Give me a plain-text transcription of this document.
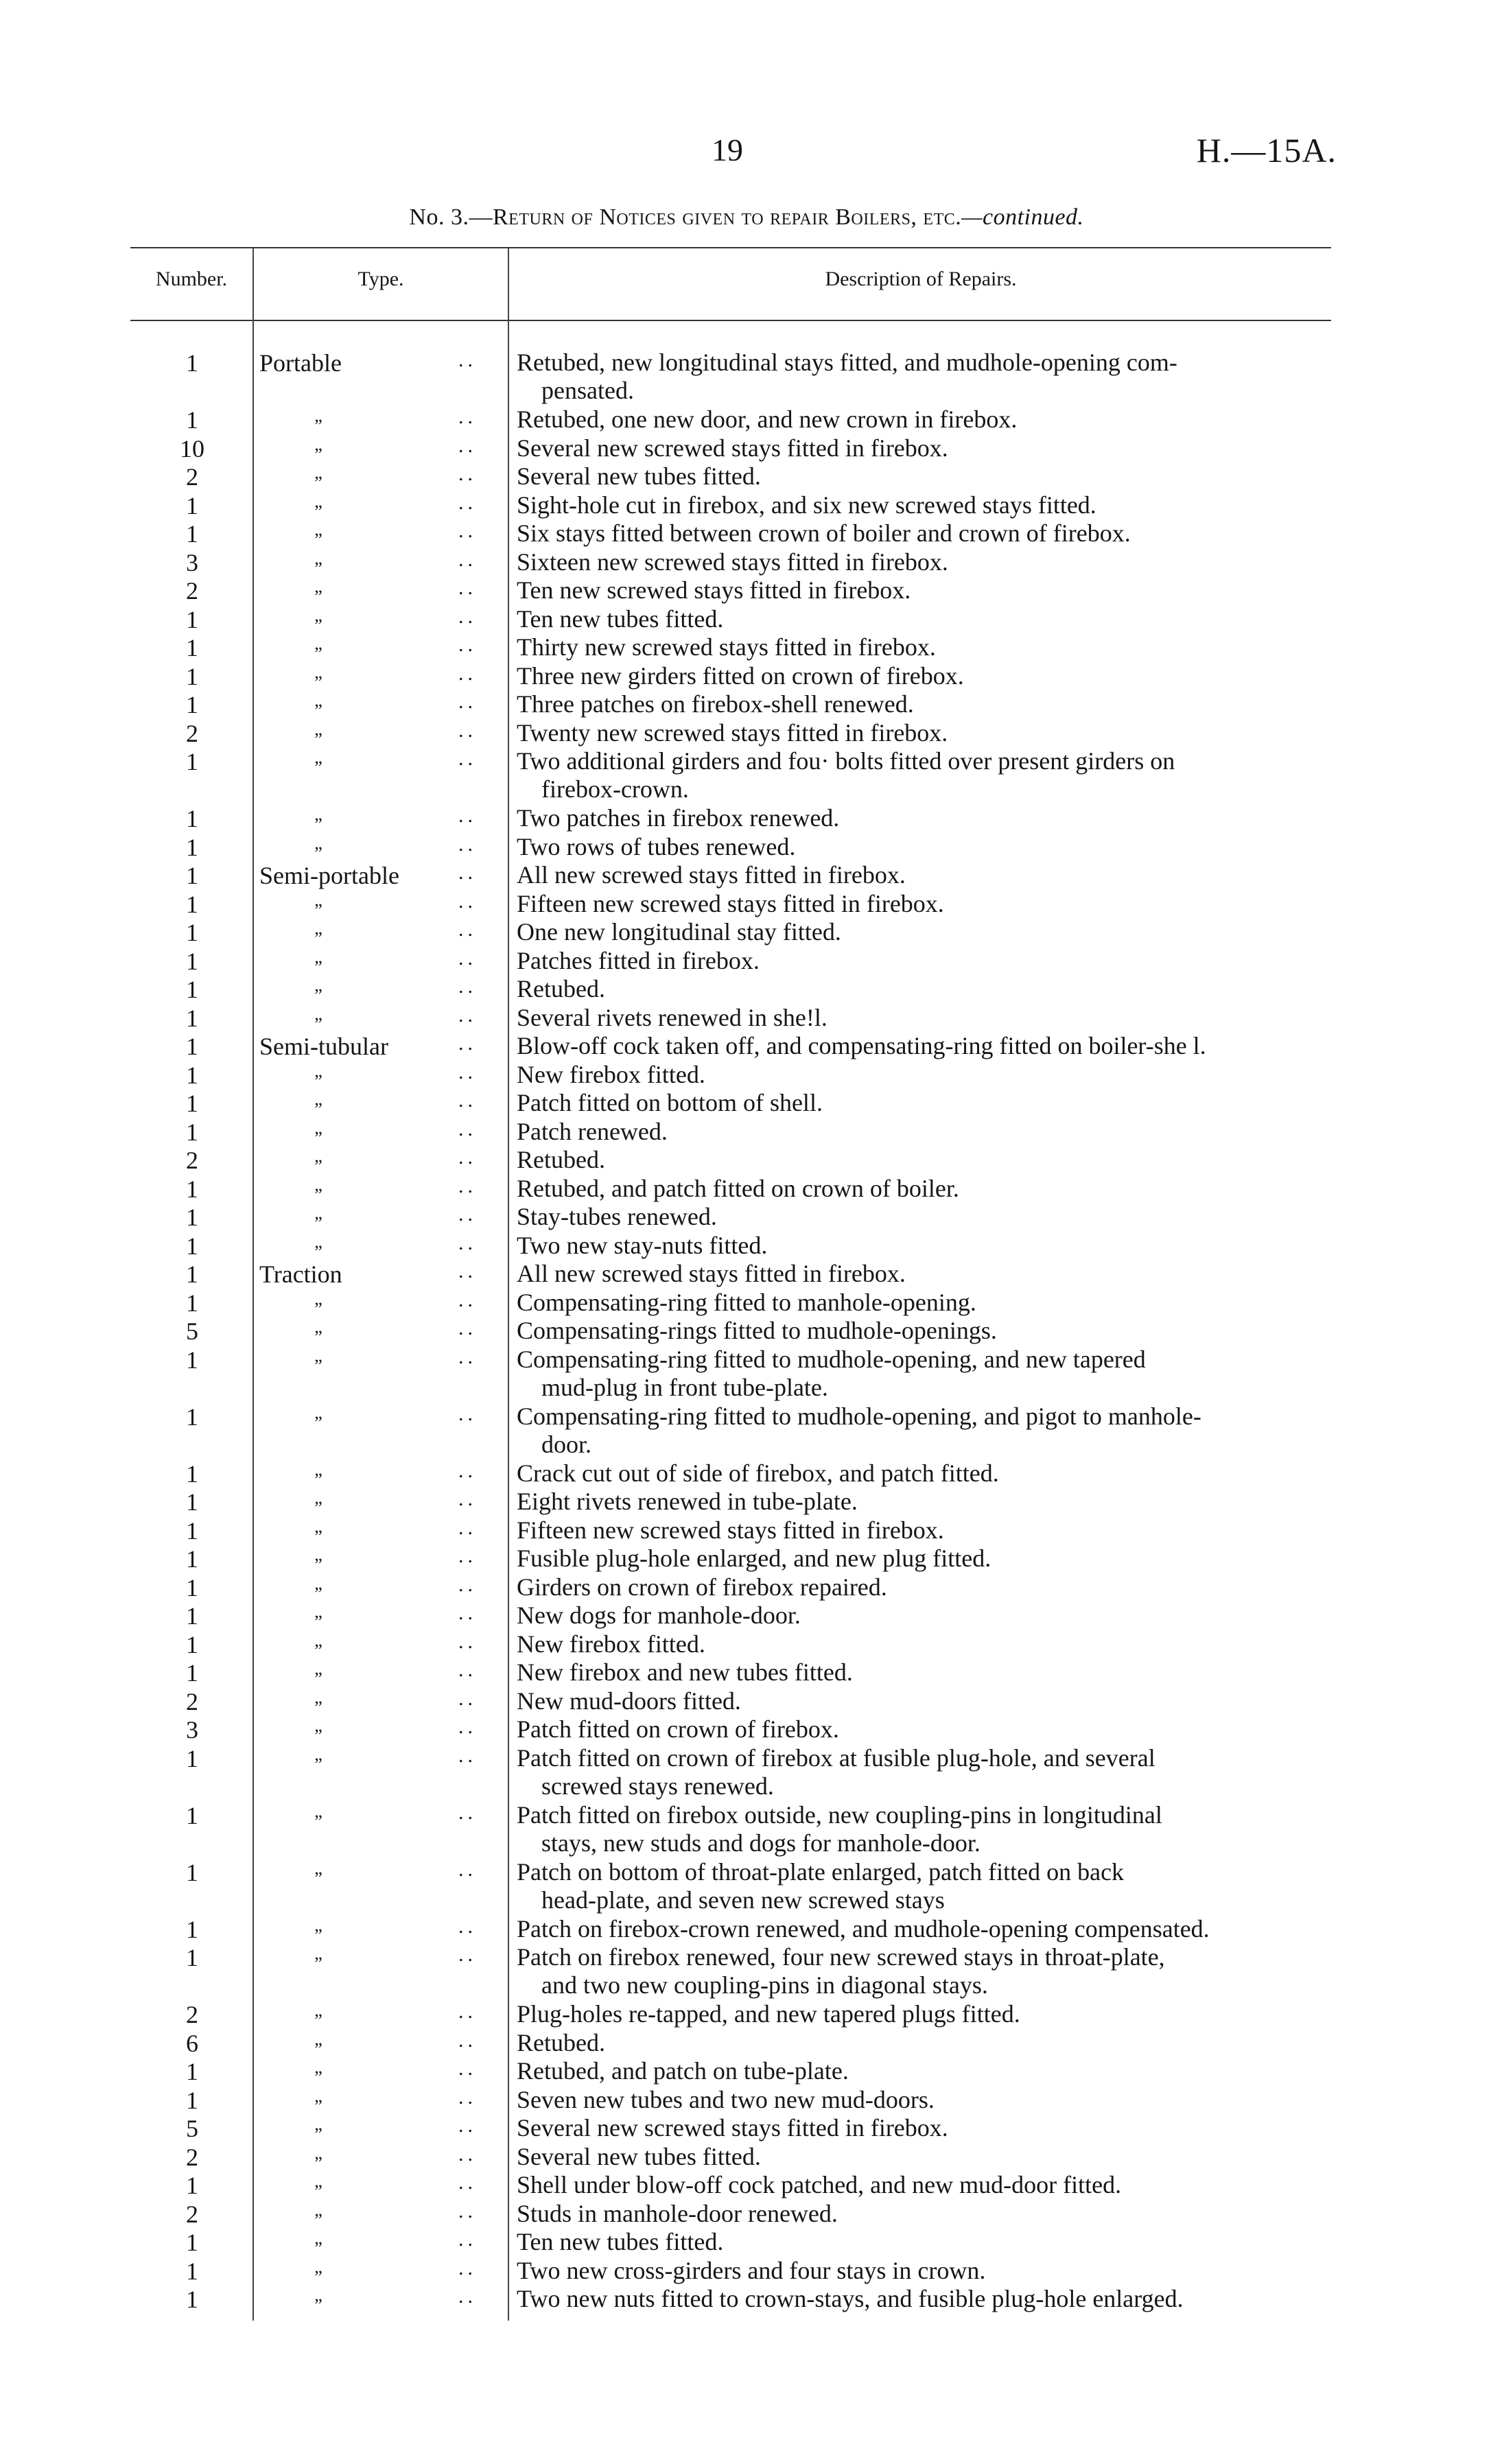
19	H.—15A.
No. 3.—Return of Notices given to repair Boilers, etc.—continued.
Number.	Type.	Description of Repairs.
1	Portable	..	Retubed, new longitudinal stays fitted, and mudhole-opening com-
pensated.
1	„	..	Retubed, one new door, and new crown in firebox.
10	„	..	Several new screwed stays fitted in firebox.
2	„	..	Several new tubes fitted.
1	„	..	Sight-hole cut in firebox, and six new screwed stays fitted.
1	„	..	Six stays fitted between crown of boiler and crown of firebox.
3	„	..	Sixteen new screwed stays fitted in firebox.
2	„	..	Ten new screwed stays fitted in firebox.
1	„	..	Ten new tubes fitted.
1	„	..	Thirty new screwed stays fitted in firebox.
1	„	..	Three new girders fitted on crown of firebox.
1	„	..	Three patches on firebox-shell renewed.
2	„	..	Twenty new screwed stays fitted in firebox.
1	„	..	Two additional girders and fou· bolts fitted over present girders on
firebox-crown.
1	„	..	Two patches in firebox renewed.
1	„	..	Two rows of tubes renewed.
1	Semi-portable	..	All new screwed stays fitted in firebox.
1	„	..	Fifteen new screwed stays fitted in firebox.
1	„	..	One new longitudinal stay fitted.
1	„	..	Patches fitted in firebox.
1	„	..	Retubed.
1	„	..	Several rivets renewed in she!l.
1	Semi-tubular	..	Blow-off cock taken off, and compensating-ring fitted on boiler-she l.
1	„	..	New firebox fitted.
1	„	..	Patch fitted on bottom of shell.
1	„	..	Patch renewed.
2	„	..	Retubed.
1	„	..	Retubed, and patch fitted on crown of boiler.
1	„	..	Stay-tubes renewed.
1	„	..	Two new stay-nuts fitted.
1	Traction	..	All new screwed stays fitted in firebox.
1	„	..	Compensating-ring fitted to manhole-opening.
5	„	..	Compensating-rings fitted to mudhole-openings.
1	„	..	Compensating-ring fitted to mudhole-opening, and new tapered
mud-plug in front tube-plate.
1	„	..	Compensating-ring fitted to mudhole-opening, and pigot to manhole-
door.
1	„	..	Crack cut out of side of firebox, and patch fitted.
1	„	..	Eight rivets renewed in tube-plate.
1	„	..	Fifteen new screwed stays fitted in firebox.
1	„	..	Fusible plug-hole enlarged, and new plug fitted.
1	„	..	Girders on crown of firebox repaired.
1	„	..	New dogs for manhole-door.
1	„	..	New firebox fitted.
1	„	..	New firebox and new tubes fitted.
2	„	..	New mud-doors fitted.
3	„	..	Patch fitted on crown of firebox.
1	„	..	Patch fitted on crown of firebox at fusible plug-hole, and several
screwed stays renewed.
1	„	..	Patch fitted on firebox outside, new coupling-pins in longitudinal
stays, new studs and dogs for manhole-door.
1	„	..	Patch on bottom of throat-plate enlarged, patch fitted on back
head-plate, and seven new screwed stays
1	„	..	Patch on firebox-crown renewed, and mudhole-opening compensated.
1	„	..	Patch on firebox renewed, four new screwed stays in throat-plate,
and two new coupling-pins in diagonal stays.
2	„	..	Plug-holes re-tapped, and new tapered plugs fitted.
6	„	..	Retubed.
1	„	..	Retubed, and patch on tube-plate.
1	„	..	Seven new tubes and two new mud-doors.
5	„	..	Several new screwed stays fitted in firebox.
2	„	..	Several new tubes fitted.
1	„	..	Shell under blow-off cock patched, and new mud-door fitted.
2	„	..	Studs in manhole-door renewed.
1	„	..	Ten new tubes fitted.
1	„	..	Two new cross-girders and four stays in crown.
1	„	..	Two new nuts fitted to crown-stays, and fusible plug-hole enlarged.
